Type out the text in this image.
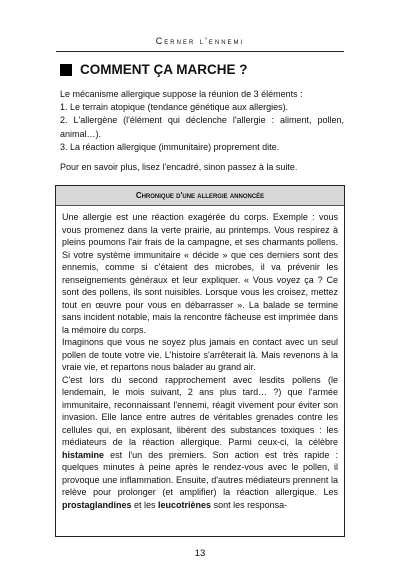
Cerner l'ennemi
COMMENT ÇA MARCHE ?

Le mécanisme allergique suppose la réunion de 3 éléments :

1. Le terrain atopique (tendance génétique aux allergies).

2. L'allergène (l'élément qui déclenche l'allergie : aliment, pollen, animal…).

3. La réaction allergique (immunitaire) proprement dite.

Pour en savoir plus, lisez l'encadré, sinon passez à la suite.
Chronique d'une allergie annoncée

Une allergie est une réaction exagérée du corps. Exemple : vous vous promenez dans la verte prairie, au printemps. Vous respirez à pleins poumons l'air frais de la campagne, et ses charmants pollens. Si votre système immunitaire « décide » que ces derniers sont des ennemis, comme si c'étaient des microbes, il va prévenir les renseignements généraux et leur expliquer. « Vous voyez ça ? Ce sont des pollens, ils sont nuisibles. Lorsque vous les croisez, mettez tout en œuvre pour vous en débarrasser ». La balade se termine sans incident notable, mais la rencontre fâcheuse est imprimée dans la mémoire du corps.

Imaginons que vous ne soyez plus jamais en contact avec un seul pollen de toute votre vie. L'histoire s'arrêterait là. Mais revenons à la vraie vie, et repartons nous balader au grand air.

C'est lors du second rapprochement avec lesdits pollens (le lendemain, le mois suivant, 2 ans plus tard… ?) que l'armée immunitaire, reconnaissant l'ennemi, réagit vivement pour éviter son invasion. Elle lance entre autres de véritables grenades contre les cellules qui, en explosant, libèrent des substances toxiques : les médiateurs de la réaction allergique. Parmi ceux-ci, la célèbre histamine est l'un des premiers. Son action est très rapide : quelques minutes à peine après le rendez-vous avec le pollen, il provoque une inflammation. Ensuite, d'autres médiateurs prennent la relève pour prolonger (et amplifier) la réaction allergique. Les prostaglandines et les leucotriènes sont les responsa-

13
